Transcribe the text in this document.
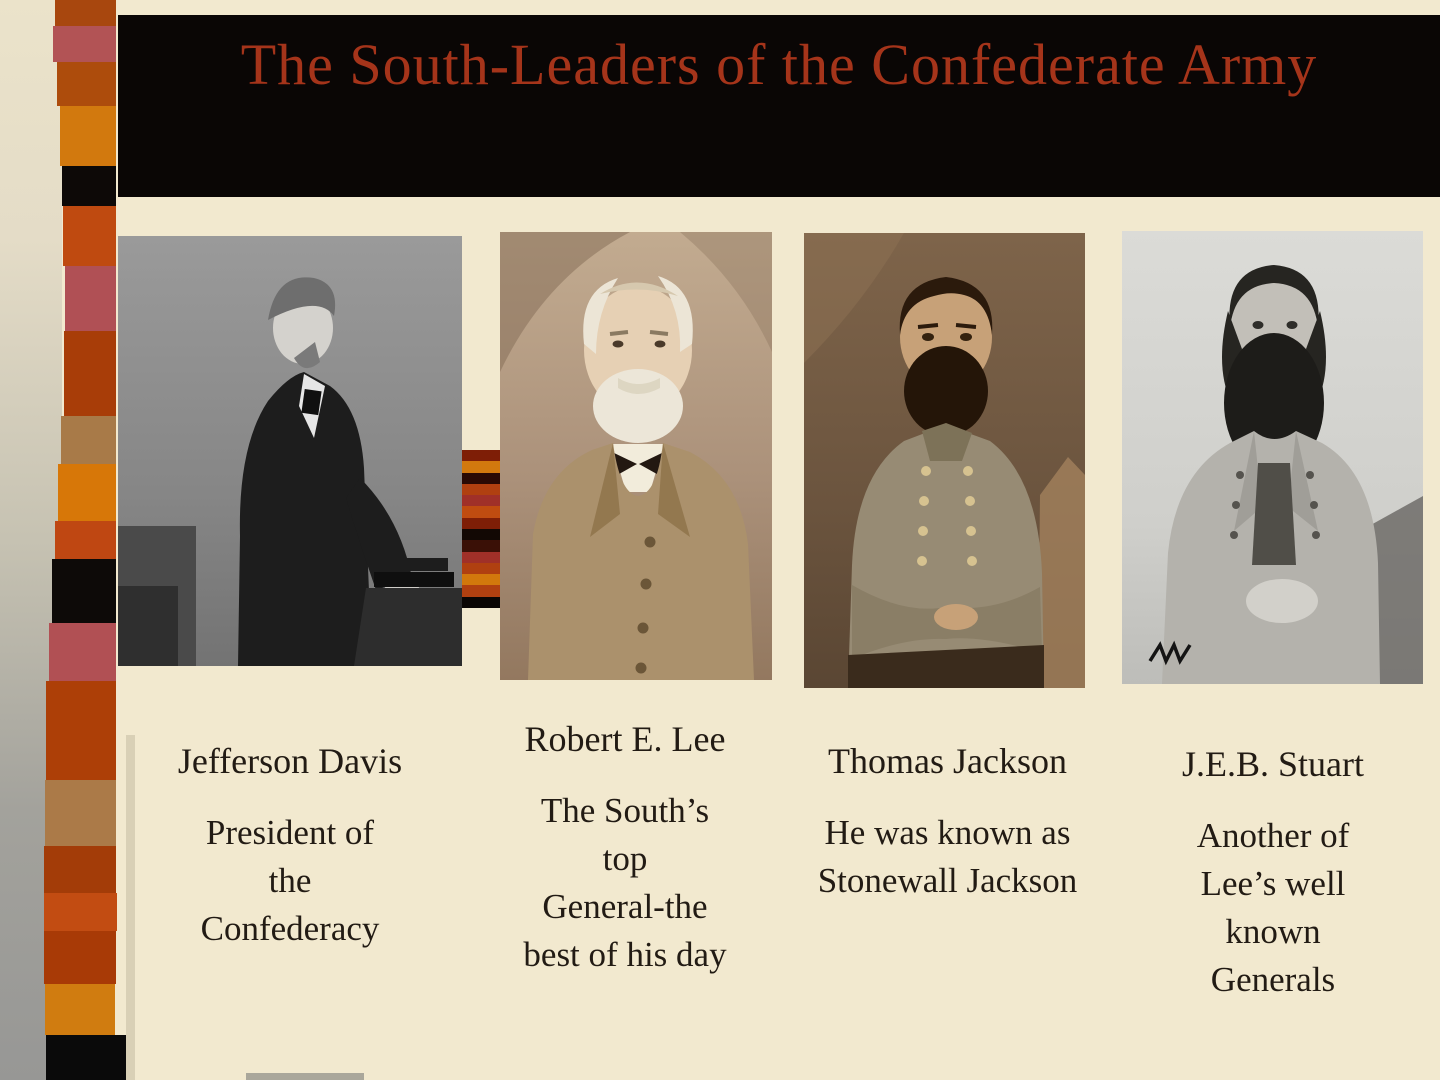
The South-Leaders of the Confederate Army
Jefferson Davis
President of
the
Confederacy
Robert E. Lee
The South’s
top
General-the
best of his day
Thomas Jackson
He was known as
Stonewall Jackson
J.E.B. Stuart
Another of
Lee’s well
known
Generals
